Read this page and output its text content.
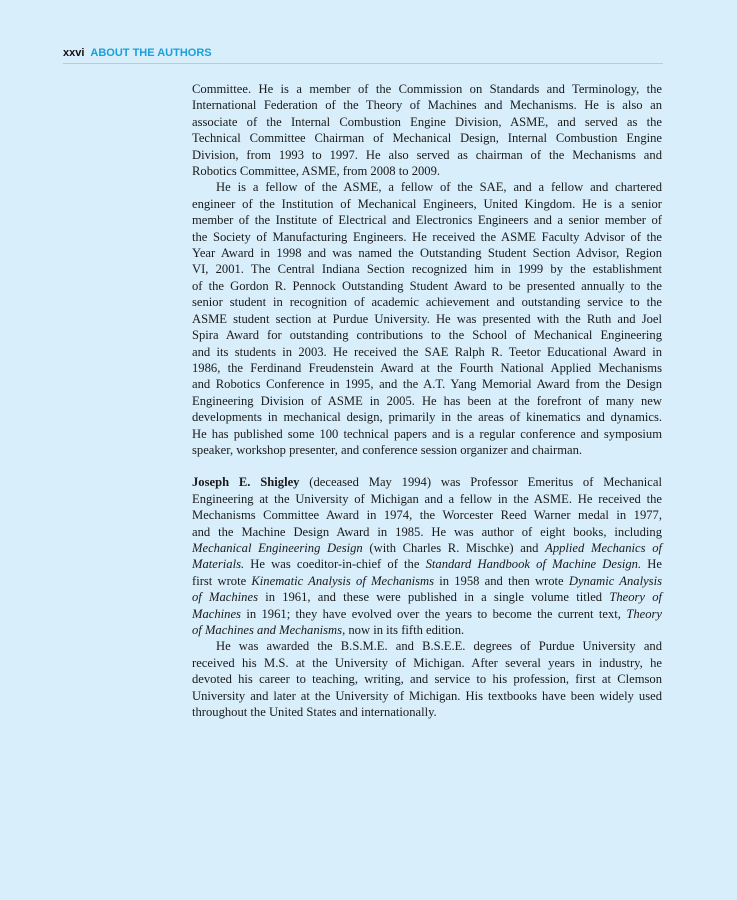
xxvi ABOUT THE AUTHORS
Committee. He is a member of the Commission on Standards and Terminology, the
International Federation of the Theory of Machines and Mechanisms. He is also an
associate of the Internal Combustion Engine Division, ASME, and served as the
Technical Committee Chairman of Mechanical Design, Internal Combustion Engine
Division, from 1993 to 1997. He also served as chairman of the Mechanisms and
Robotics Committee, ASME, from 2008 to 2009.
He is a fellow of the ASME, a fellow of the SAE, and a fellow and chartered
engineer of the Institution of Mechanical Engineers, United Kingdom. He is a senior
member of the Institute of Electrical and Electronics Engineers and a senior member of
the Society of Manufacturing Engineers. He received the ASME Faculty Advisor of the
Year Award in 1998 and was named the Outstanding Student Section Advisor, Region
VI, 2001. The Central Indiana Section recognized him in 1999 by the establishment
of the Gordon R. Pennock Outstanding Student Award to be presented annually to the
senior student in recognition of academic achievement and outstanding service to the
ASME student section at Purdue University. He was presented with the Ruth and Joel
Spira Award for outstanding contributions to the School of Mechanical Engineering
and its students in 2003. He received the SAE Ralph R. Teetor Educational Award in
1986, the Ferdinand Freudenstein Award at the Fourth National Applied Mechanisms
and Robotics Conference in 1995, and the A.T. Yang Memorial Award from the Design
Engineering Division of ASME in 2005. He has been at the forefront of many new
developments in mechanical design, primarily in the areas of kinematics and dynamics.
He has published some 100 technical papers and is a regular conference and symposium
speaker, workshop presenter, and conference session organizer and chairman.
Joseph E. Shigley (deceased May 1994) was Professor Emeritus of Mechanical
Engineering at the University of Michigan and a fellow in the ASME. He received the
Mechanisms Committee Award in 1974, the Worcester Reed Warner medal in 1977,
and the Machine Design Award in 1985. He was author of eight books, including
Mechanical Engineering Design (with Charles R. Mischke) and Applied Mechanics of
Materials. He was coeditor-in-chief of the Standard Handbook of Machine Design. He
first wrote Kinematic Analysis of Mechanisms in 1958 and then wrote Dynamic Analysis
of Machines in 1961, and these were published in a single volume titled Theory of
Machines in 1961; they have evolved over the years to become the current text, Theory
of Machines and Mechanisms, now in its fifth edition.
He was awarded the B.S.M.E. and B.S.E.E. degrees of Purdue University and
received his M.S. at the University of Michigan. After several years in industry, he
devoted his career to teaching, writing, and service to his profession, first at Clemson
University and later at the University of Michigan. His textbooks have been widely used
throughout the United States and internationally.
